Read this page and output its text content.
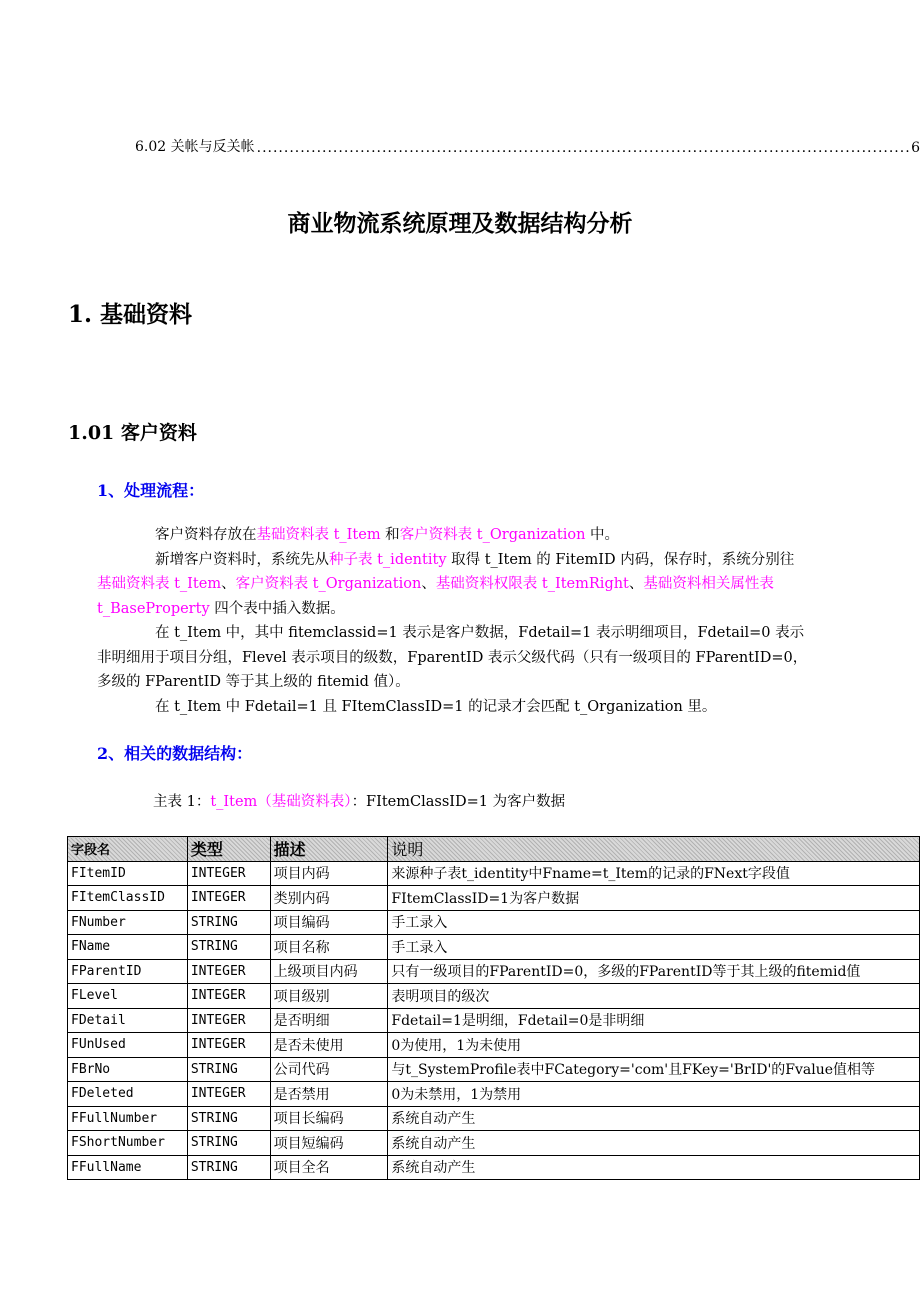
6.02 关帐与反关帐 .....	6
商业物流系统原理及数据结构分析
1. 基础资料
1.01 客户资料
1、处理流程：

客户资料存放在基础资料表 t_Item 和客户资料表 t_Organization 中。

新增客户资料时，系统先从种子表 t_identity 取得 t_Item 的 FitemID 内码，保存时，系统分别往

基础资料表 t_Item、客户资料表 t_Organization、基础资料权限表 t_ItemRight、基础资料相关属性表

t_BaseProperty 四个表中插入数据。

在 t_Item 中，其中 fitemclassid=1 表示是客户数据，Fdetail=1 表示明细项目，Fdetail=0 表示

非明细用于项目分组，Flevel 表示项目的级数，FparentID 表示父级代码（只有一级项目的 FParentID=0，

多级的 FParentID 等于其上级的 fitemid 值）。

在 t_Item 中 Fdetail=1 且 FItemClassID=1 的记录才会匹配 t_Organization 里。

2、相关的数据结构：
主表 1：t_Item（基础资料表）：FItemClassID=1 为客户数据
字段名	类型	描述	说明
FItemID	INTEGER	项目内码	来源种子表t_identity中Fname=t_Item的记录的FNext字段值
FItemClassID	INTEGER	类别内码	FItemClassID=1为客户数据
FNumber	STRING	项目编码	手工录入
FName	STRING	项目名称	手工录入
FParentID	INTEGER	上级项目内码	只有一级项目的FParentID=0，多级的FParentID等于其上级的fitemid值
FLevel	INTEGER	项目级别	表明项目的级次
FDetail	INTEGER	是否明细	Fdetail=1是明细，Fdetail=0是非明细
FUnUsed	INTEGER	是否未使用	0为使用，1为未使用
FBrNo	STRING	公司代码	与t_SystemProfile表中FCategory='com'且FKey='BrID'的Fvalue值相等
FDeleted	INTEGER	是否禁用	0为未禁用，1为禁用
FFullNumber	STRING	项目长编码	系统自动产生
FShortNumber	STRING	项目短编码	系统自动产生
FFullName	STRING	项目全名	系统自动产生
